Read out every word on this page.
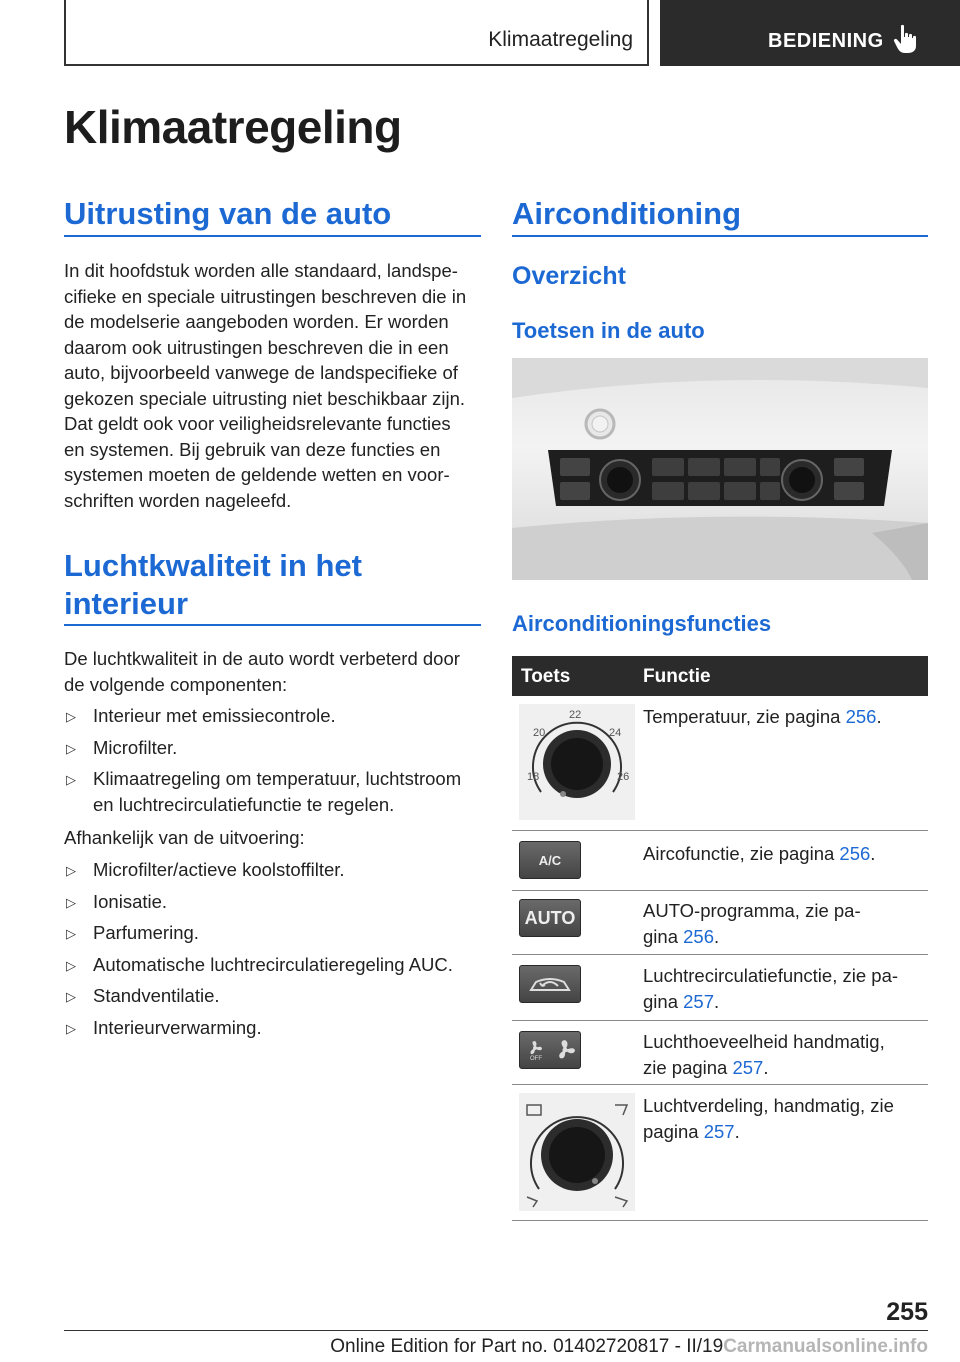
Klimaatregeling	BEDIENING
Klimaatregeling
Uitrusting van de auto
In dit hoofdstuk worden alle standaard, landspe-
cifieke en speciale uitrustingen beschreven die in
de modelserie aangeboden worden. Er worden
daarom ook uitrustingen beschreven die in een
auto, bijvoorbeeld vanwege de landspecifieke of
gekozen speciale uitrusting niet beschikbaar zijn.
Dat geldt ook voor veiligheidsrelevante functies
en systemen. Bij gebruik van deze functies en
systemen moeten de geldende wetten en voor-
schriften worden nageleefd.
Luchtkwaliteit in het
interieur
De luchtkwaliteit in de auto wordt verbeterd door
de volgende componenten:
▷ Interieur met emissiecontrole.
▷ Microfilter.
▷ Klimaatregeling om temperatuur, luchtstroom en luchtrecirculatiefunctie te regelen.
Afhankelijk van de uitvoering:
▷ Microfilter/actieve koolstoffilter.
▷ Ionisatie.
▷ Parfumering.
▷ Automatische luchtrecirculatieregeling AUC.
▷ Standventilatie.
▷ Interieurverwarming.
Airconditioning
Overzicht
Toetsen in de auto
Airconditioningsfuncties
Toets	Functie
18
20
22
24
26
Temperatuur, zie pagina 256.
A/C	Aircofunctie, zie pagina 256.
AUTO	AUTO-programma, zie pa-
gina 256.
Luchtrecirculatiefunctie, zie pa-
gina 257.
OFF
Luchthoeveelheid handmatig,
zie pagina 257.
Luchtverdeling, handmatig, zie
pagina 257.
255
Online Edition for Part no. 01402720817 - II/19Carmanualsonline.info
